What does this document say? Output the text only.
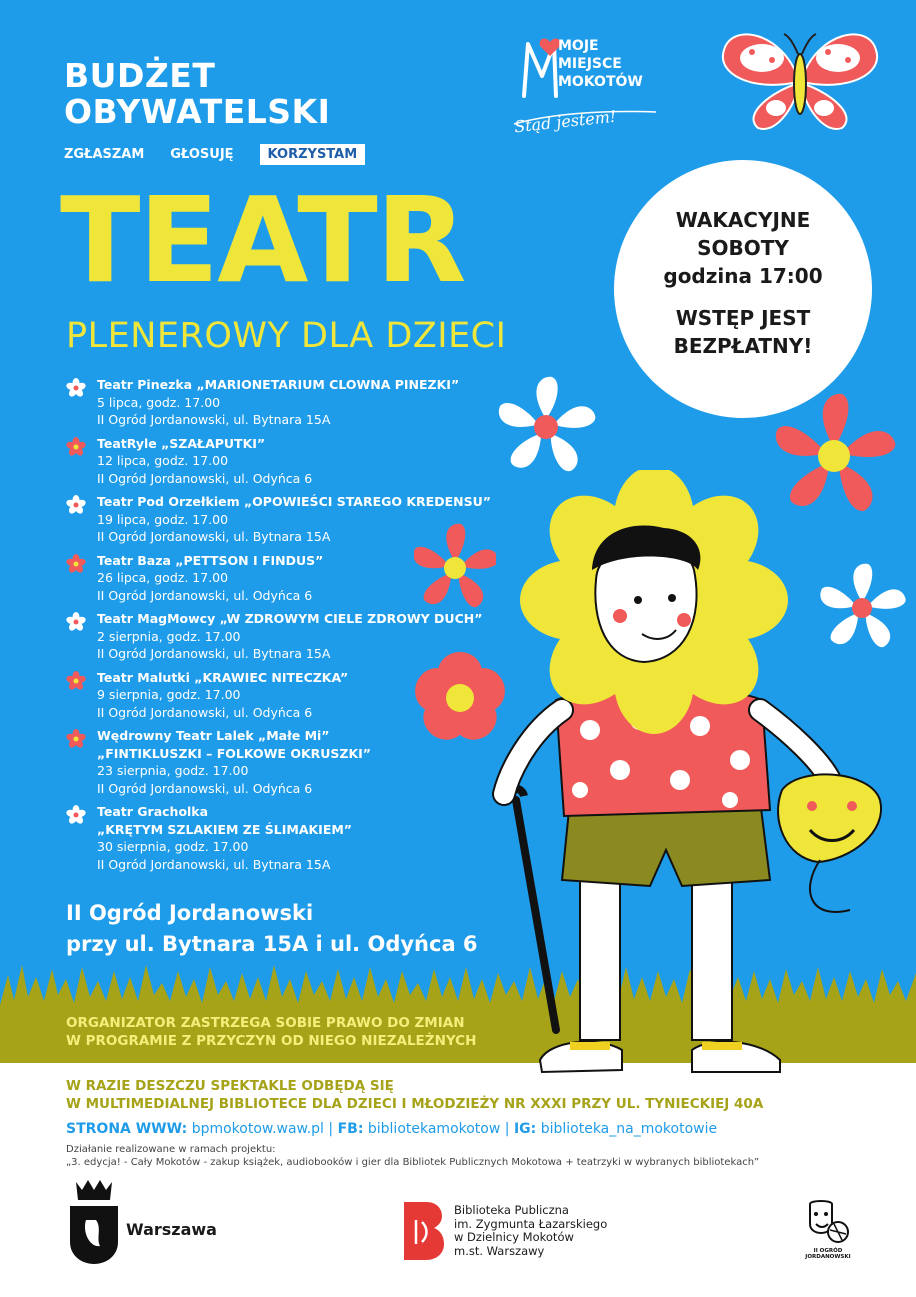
BUDŻET
OBYWATELSKI
ZGŁASZAM GŁOSUJĘ	KORZYSTAM
MOJE
MIEJSCE
MOKOTÓW
Stąd jestem!
TEATR
PLENEROWY DLA DZIECI
WAKACYJNE
SOBOTY
godzina 17:00
WSTĘP JEST
BEZPŁATNY!
Teatr Pinezka „MARIONETARIUM CLOWNA PINEZKI”
5 lipca, godz. 17.00
II Ogród Jordanowski, ul. Bytnara 15A
TeatRyle „SZAŁAPUTKI”
12 lipca, godz. 17.00
II Ogród Jordanowski, ul. Odyńca 6
Teatr Pod Orzełkiem „OPOWIEŚCI STAREGO KREDENSU”
19 lipca, godz. 17.00
II Ogród Jordanowski, ul. Bytnara 15A
Teatr Baza „PETTSON I FINDUS”
26 lipca, godz. 17.00
II Ogród Jordanowski, ul. Odyńca 6
Teatr MagMowcy „W ZDROWYM CIELE ZDROWY DUCH”
2 sierpnia, godz. 17.00
II Ogród Jordanowski, ul. Bytnara 15A
Teatr Malutki „KRAWIEC NITECZKA”
9 sierpnia, godz. 17.00
II Ogród Jordanowski, ul. Odyńca 6
Wędrowny Teatr Lalek „Małe Mi”
„FINTIKLUSZKI – FOLKOWE OKRUSZKI”
23 sierpnia, godz. 17.00
II Ogród Jordanowski, ul. Odyńca 6
Teatr Gracholka
„KRĘTYM SZLAKIEM ZE ŚLIMAKIEM”
30 sierpnia, godz. 17.00
II Ogród Jordanowski, ul. Bytnara 15A
II Ogród Jordanowski
przy ul. Bytnara 15A i ul. Odyńca 6
ORGANIZATOR ZASTRZEGA SOBIE PRAWO DO ZMIAN
W PROGRAMIE Z PRZYCZYN OD NIEGO NIEZALEŻNYCH
W RAZIE DESZCZU SPEKTAKLE ODBĘDĄ SIĘ
W MULTIMEDIALNEJ BIBLIOTECE DLA DZIECI I MŁODZIEŻY NR XXXI PRZY UL. TYNIECKIEJ 40A
STRONA WWW: bpmokotow.waw.pl | FB: bibliotekamokotow | IG: biblioteka_na_mokotowie
Działanie realizowane w ramach projektu:
„3. edycja! - Cały Mokotów - zakup książek, audiobooków i gier dla Bibliotek Publicznych Mokotowa + teatrzyki w wybranych bibliotekach”
Warszawa
Biblioteka Publiczna
im. Zygmunta Łazarskiego
w Dzielnicy Mokotów
m.st. Warszawy	II OGRÓD
JORDANOWSKI
